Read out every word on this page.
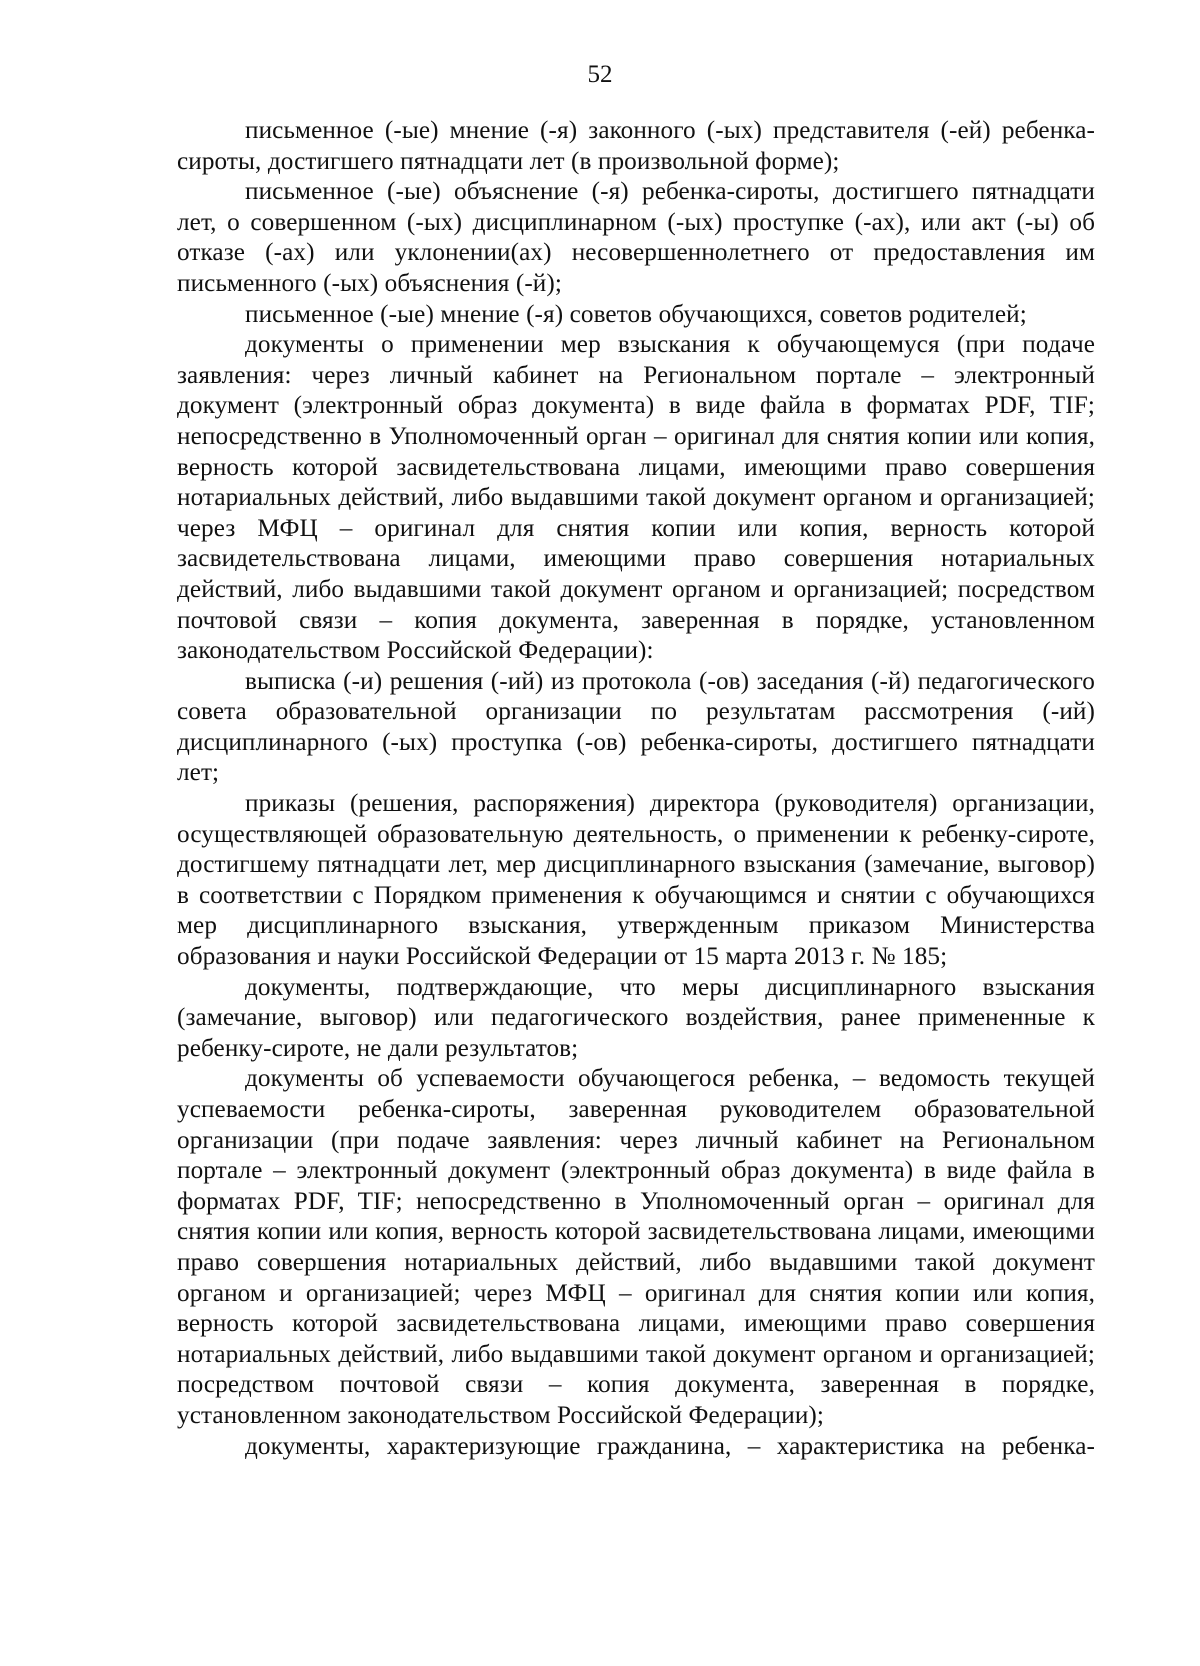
52

письменное (-ые) мнение (-я) законного (-ых) представителя (-ей) ребенка-сироты, достигшего пятнадцати лет (в произвольной форме);

письменное (-ые) объяснение (-я) ребенка-сироты, достигшего пятнадцати лет, о совершенном (-ых) дисциплинарном (-ых) проступке (-ах), или акт (-ы) об отказе (-ах) или уклонении(ах) несовершеннолетнего от предоставления им письменного (-ых) объяснения (-й);

письменное (-ые) мнение (-я) советов обучающихся, советов родителей;

документы о применении мер взыскания к обучающемуся (при подаче заявления: через личный кабинет на Региональном портале – электронный документ (электронный образ документа) в виде файла в форматах PDF, TIF; непосредственно в Уполномоченный орган – оригинал для снятия копии или копия, верность которой засвидетельствована лицами, имеющими право совершения нотариальных действий, либо выдавшими такой документ органом и организацией; через МФЦ – оригинал для снятия копии или копия, верность которой засвидетельствована лицами, имеющими право совершения нотариальных действий, либо выдавшими такой документ органом и организацией; посредством почтовой связи – копия документа, заверенная в порядке, установленном законодательством Российской Федерации):

выписка (-и) решения (-ий) из протокола (-ов) заседания (-й) педагогического совета образовательной организации по результатам рассмотрения (-ий) дисциплинарного (-ых) проступка (-ов) ребенка-сироты, достигшего пятнадцати лет;

приказы (решения, распоряжения) директора (руководителя) организации, осуществляющей образовательную деятельность, о применении к ребенку-сироте, достигшему пятнадцати лет, мер дисциплинарного взыскания (замечание, выговор) в соответствии с Порядком применения к обучающимся и снятии с обучающихся мер дисциплинарного взыскания, утвержденным приказом Министерства образования и науки Российской Федерации от 15 марта 2013 г. № 185;

документы, подтверждающие, что меры дисциплинарного взыскания (замечание, выговор) или педагогического воздействия, ранее примененные к ребенку-сироте, не дали результатов;

документы об успеваемости обучающегося ребенка, – ведомость текущей успеваемости ребенка-сироты, заверенная руководителем образовательной организации (при подаче заявления: через личный кабинет на Региональном портале – электронный документ (электронный образ документа) в виде файла в форматах PDF, TIF; непосредственно в Уполномоченный орган – оригинал для снятия копии или копия, верность которой засвидетельствована лицами, имеющими право совершения нотариальных действий, либо выдавшими такой документ органом и организацией; через МФЦ – оригинал для снятия копии или копия, верность которой засвидетельствована лицами, имеющими право совершения нотариальных действий, либо выдавшими такой документ органом и организацией; посредством почтовой связи – копия документа, заверенная в порядке, установленном законодательством Российской Федерации);

документы, характеризующие гражданина, – характеристика на ребенка-
